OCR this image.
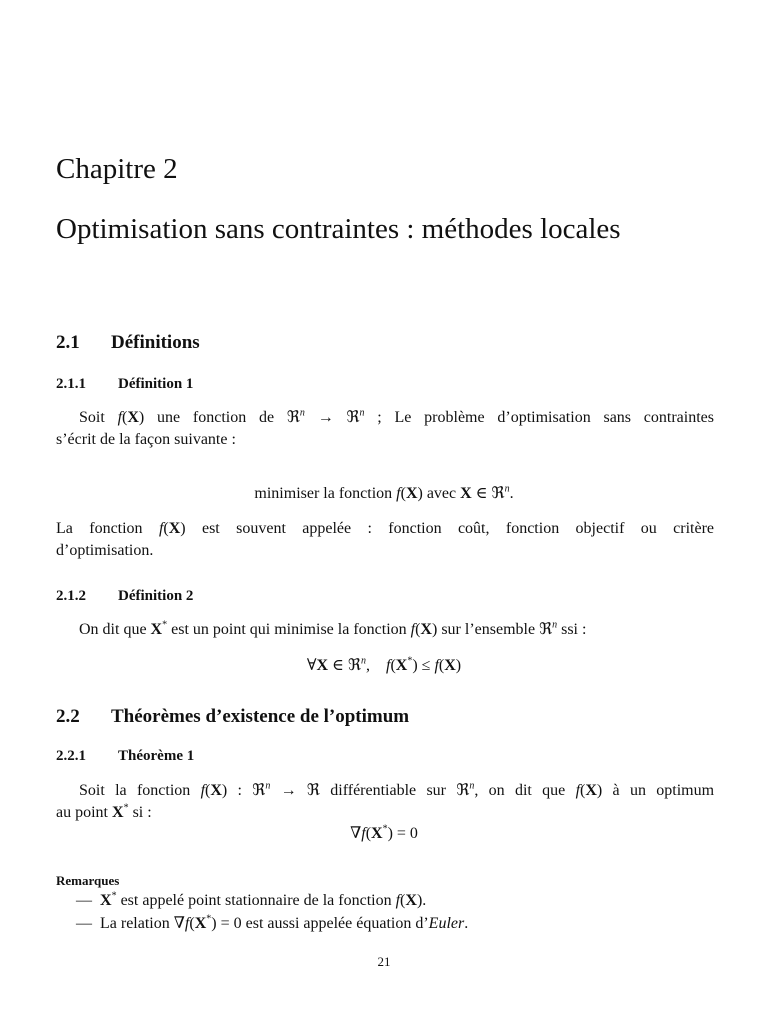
Chapitre 2
Optimisation sans contraintes : méthodes locales
2.1 Définitions
2.1.1 Définition 1
Soit f(X) une fonction de ℜ$^n$ → ℜ$^n$ ; Le problème d’optimisation sans contraintes
s’écrit de la façon suivante :
minimiser la fonction f(X) avec X ∈ ℜ$^n$.
La fonction f(X) est souvent appelée : fonction coût, fonction objectif ou critère
d’optimisation.
2.1.2 Définition 2
On dit que X* est un point qui minimise la fonction f(X) sur l’ensemble ℜ$^n$ ssi :
∀X ∈ ℜ$^n$,    f(X*) ≤ f(X)
2.2 Théorèmes d’existence de l’optimum
2.2.1 Théorème 1
Soit la fonction f(X) : ℜ$^n$ → ℜ différentiable sur ℜ$^n$, on dit que f(X) à un optimum
au point X* si :
∇f(X*) = 0
Remarques
— X* est appelé point stationnaire de la fonction f(X).
— La relation ∇f(X*) = 0 est aussi appelée équation d’Euler.
21
